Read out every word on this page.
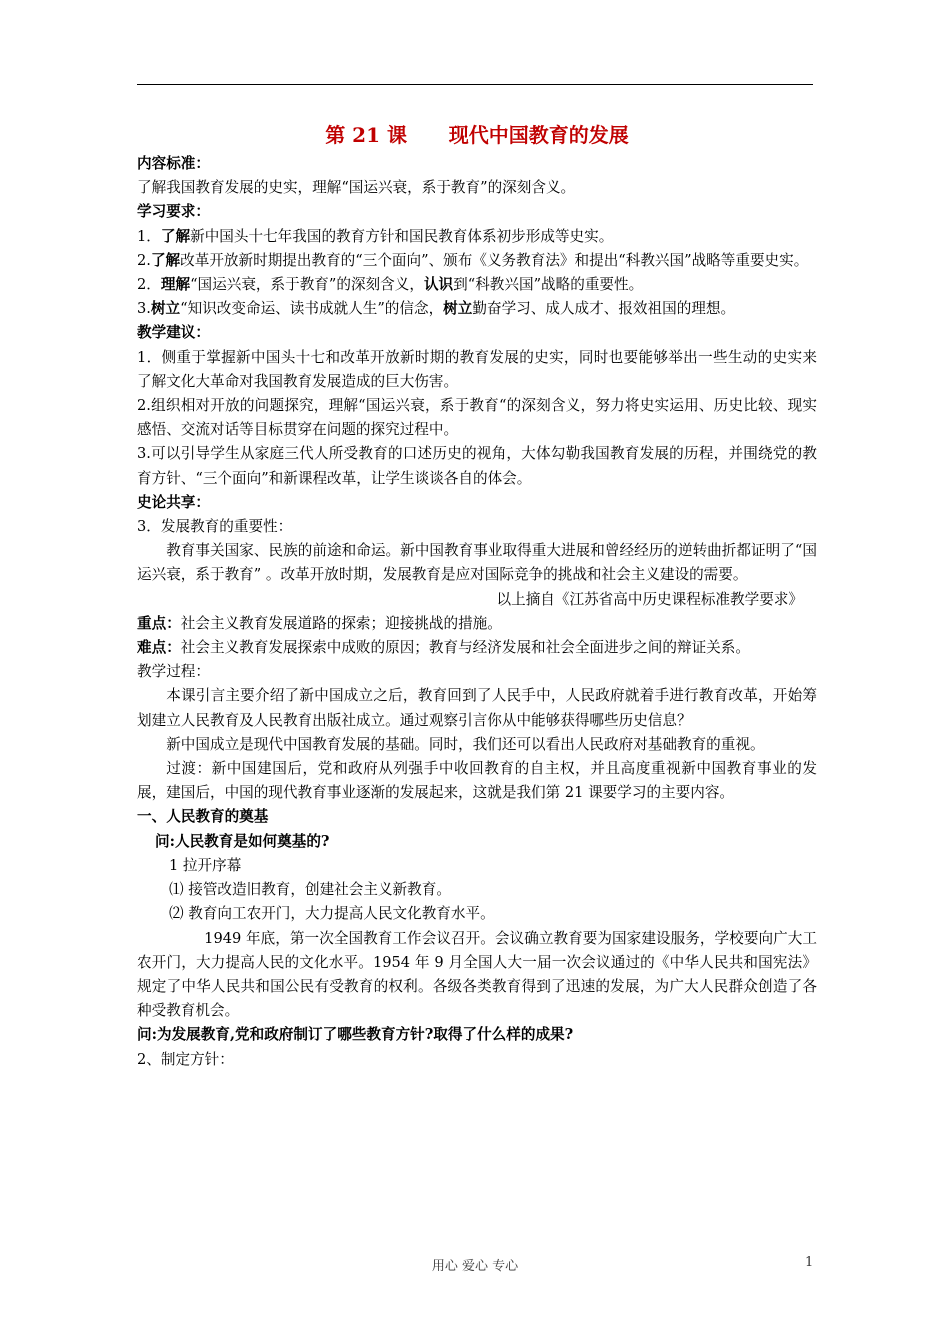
第 21 课      现代中国教育的发展

内容标准：

了解我国教育发展的史实，理解“国运兴衰，系于教育”的深刻含义。

学习要求：

1．了解新中国头十七年我国的教育方针和国民教育体系初步形成等史实。

2.了解改革开放新时期提出教育的“三个面向”、颁布《义务教育法》和提出“科教兴国”战略等重要史实。

2．理解“国运兴衰，系于教育”的深刻含义，认识到“科教兴国”战略的重要性。

3.树立“知识改变命运、读书成就人生”的信念，树立勤奋学习、成人成才、报效祖国的理想。

教学建议：

1．侧重于掌握新中国头十七和改革开放新时期的教育发展的史实，同时也要能够举出一些生动的史实来了解文化大革命对我国教育发展造成的巨大伤害。

2.组织相对开放的问题探究，理解“国运兴衰，系于教育“的深刻含义，努力将史实运用、历史比较、现实感悟、交流对话等目标贯穿在问题的探究过程中。

3.可以引导学生从家庭三代人所受教育的口述历史的视角，大体勾勒我国教育发展的历程，并围绕党的教育方针、“三个面向”和新课程改革，让学生谈谈各自的体会。

史论共享：

3．发展教育的重要性：

教育事关国家、民族的前途和命运。新中国教育事业取得重大进展和曾经经历的逆转曲折都证明了“国运兴衰，系于教育” 。改革开放时期，发展教育是应对国际竞争的挑战和社会主义建设的需要。

以上摘自《江苏省高中历史课程标准教学要求》

重点：社会主义教育发展道路的探索；迎接挑战的措施。

难点：社会主义教育发展探索中成败的原因；教育与经济发展和社会全面进步之间的辩证关系。

教学过程：

本课引言主要介绍了新中国成立之后，教育回到了人民手中，人民政府就着手进行教育改革，开始筹划建立人民教育及人民教育出版社成立。通过观察引言你从中能够获得哪些历史信息？

新中国成立是现代中国教育发展的基础。同时，我们还可以看出人民政府对基础教育的重视。

过渡：新中国建国后，党和政府从列强手中收回教育的自主权，并且高度重视新中国教育事业的发展，建国后，中国的现代教育事业逐渐的发展起来，这就是我们第 21 课要学习的主要内容。

一、人民教育的奠基

问:人民教育是如何奠基的?

1 拉开序幕

⑴ 接管改造旧教育，创建社会主义新教育。

⑵ 教育向工农开门，大力提高人民文化教育水平。

1949 年底，第一次全国教育工作会议召开。会议确立教育要为国家建设服务，学校要向广大工农开门，大力提高人民的文化水平。1954 年 9 月全国人大一届一次会议通过的《中华人民共和国宪法》规定了中华人民共和国公民有受教育的权利。各级各类教育得到了迅速的发展，为广大人民群众创造了各种受教育机会。

问:为发展教育,党和政府制订了哪些教育方针?取得了什么样的成果?

2、制定方针：

用心 爱心 专心	1
